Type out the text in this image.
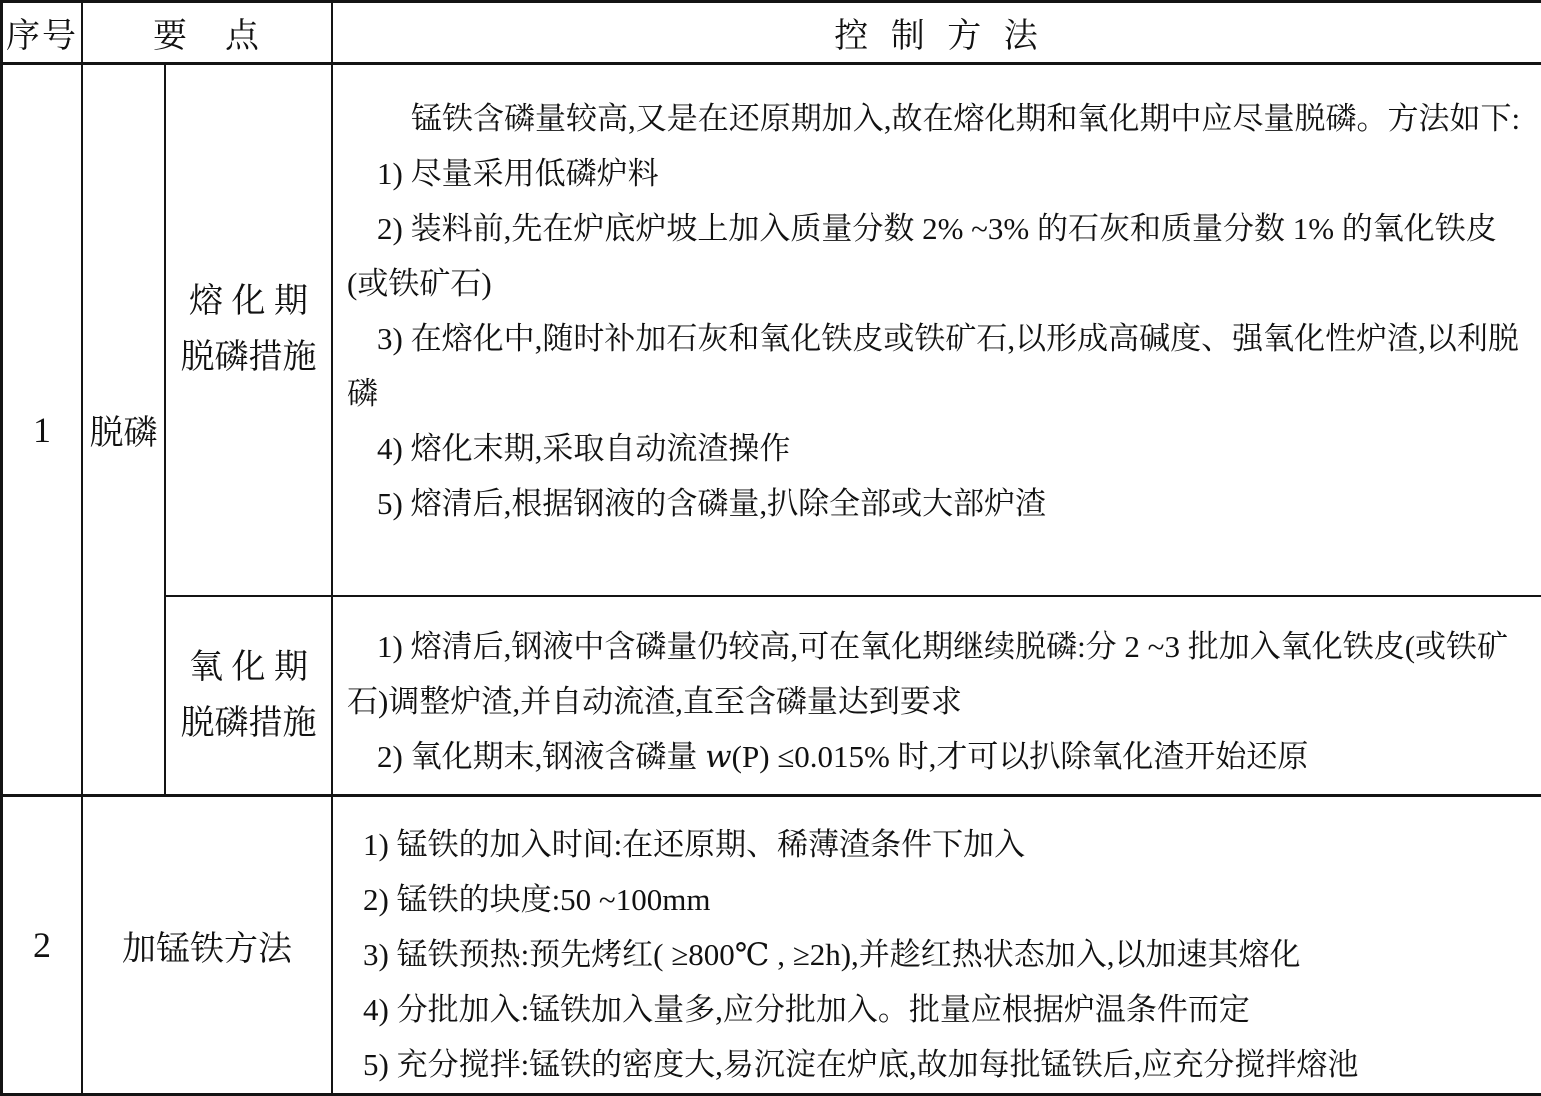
序号 要　点	控 制 方 法
1 脱磷
熔 化 期
脱磷措施
锰铁含磷量较高,又是在还原期加入,故在熔化期和氧化期中应尽量脱磷。方法如下:
1) 尽量采用低磷炉料
2) 装料前,先在炉底炉坡上加入质量分数 2% ~3% 的石灰和质量分数 1% 的氧化铁皮(或铁矿石)
3) 在熔化中,随时补加石灰和氧化铁皮或铁矿石,以形成高碱度、强氧化性炉渣,以利脱磷
4) 熔化末期,采取自动流渣操作
5) 熔清后,根据钢液的含磷量,扒除全部或大部炉渣
氧 化 期
脱磷措施
1) 熔清后,钢液中含磷量仍较高,可在氧化期继续脱磷:分 2 ~3 批加入氧化铁皮(或铁矿石)调整炉渣,并自动流渣,直至含磷量达到要求
2) 氧化期末,钢液含磷量 w(P) ≤0.015% 时,才可以扒除氧化渣开始还原
2 加锰铁方法
1) 锰铁的加入时间:在还原期、稀薄渣条件下加入
2) 锰铁的块度:50 ~100mm
3) 锰铁预热:预先烤红( ≥800℃ , ≥2h),并趁红热状态加入,以加速其熔化
4) 分批加入:锰铁加入量多,应分批加入。批量应根据炉温条件而定
5) 充分搅拌:锰铁的密度大,易沉淀在炉底,故加每批锰铁后,应充分搅拌熔池
